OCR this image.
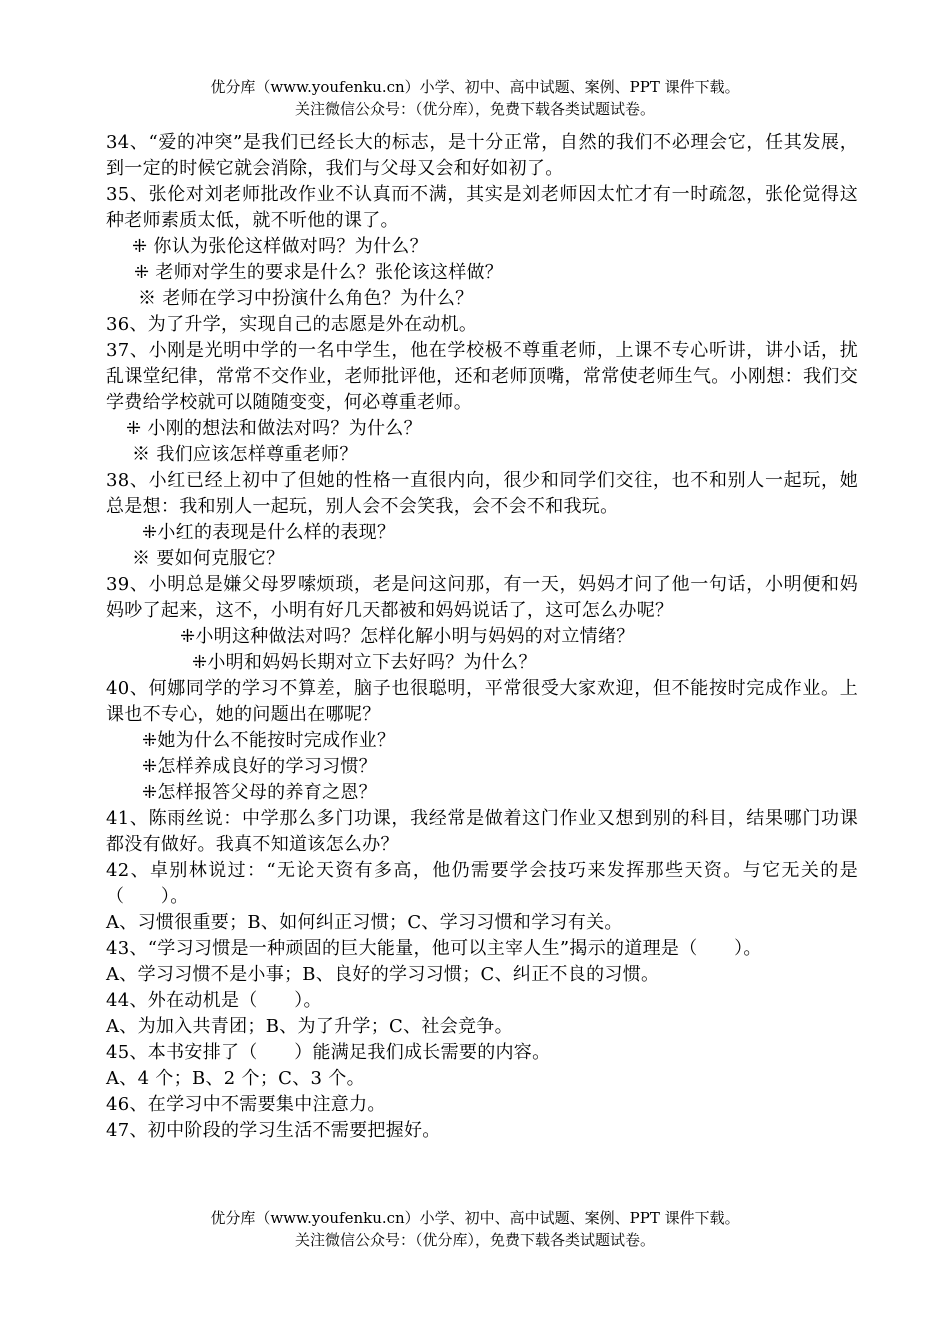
优分库（www.youfenku.cn）小学、初中、高中试题、案例、PPT 课件下载。
关注微信公众号：（优分库），免费下载各类试题试卷。

34、“爱的冲突”是我们已经长大的标志，是十分正常，自然的我们不必理会它，任其发展，到一定的时候它就会消除，我们与父母又会和好如初了。

35、张伦对刘老师批改作业不认真而不满，其实是刘老师因太忙才有一时疏忽，张伦觉得这种老师素质太低，就不听他的课了。

⁜ 你认为张伦这样做对吗？为什么？

⁜ 老师对学生的要求是什么？张伦该这样做？

※ 老师在学习中扮演什么角色？为什么？

36、为了升学，实现自己的志愿是外在动机。

37、小刚是光明中学的一名中学生，他在学校极不尊重老师，上课不专心听讲，讲小话，扰乱课堂纪律，常常不交作业，老师批评他，还和老师顶嘴，常常使老师生气。小刚想：我们交学费给学校就可以随随变变，何必尊重老师。

⁜ 小刚的想法和做法对吗？为什么？

※ 我们应该怎样尊重老师？

38、小红已经上初中了但她的性格一直很内向，很少和同学们交往，也不和别人一起玩，她总是想：我和别人一起玩，别人会不会笑我，会不会不和我玩。

⁜小红的表现是什么样的表现？

※ 要如何克服它？

39、小明总是嫌父母罗嗦烦琐，老是问这问那，有一天，妈妈才问了他一句话，小明便和妈妈吵了起来，这不，小明有好几天都被和妈妈说话了，这可怎么办呢？

⁜小明这种做法对吗？怎样化解小明与妈妈的对立情绪？

⁜小明和妈妈长期对立下去好吗？为什么？

40、何娜同学的学习不算差，脑子也很聪明，平常很受大家欢迎，但不能按时完成作业。上课也不专心，她的问题出在哪呢？

⁜她为什么不能按时完成作业？

⁜怎样养成良好的学习习惯？

⁜怎样报答父母的养育之恩？

41、陈雨丝说：中学那么多门功课，我经常是做着这门作业又想到别的科目，结果哪门功课都没有做好。我真不知道该怎么办？

42、卓别林说过：“无论天资有多高，他仍需要学会技巧来发挥那些天资。与它无关的是（　　）。

A、习惯很重要；B、如何纠正习惯；C、学习习惯和学习有关。

43、“学习习惯是一种顽固的巨大能量，他可以主宰人生”揭示的道理是（　　）。

A、学习习惯不是小事；B、良好的学习习惯；C、纠正不良的习惯。

44、外在动机是（　　）。

A、为加入共青团；B、为了升学；C、社会竞争。

45、本书安排了（　　）能满足我们成长需要的内容。

A、4 个；B、2 个；C、3 个。

46、在学习中不需要集中注意力。

47、初中阶段的学习生活不需要把握好。

优分库（www.youfenku.cn）小学、初中、高中试题、案例、PPT 课件下载。
关注微信公众号：（优分库），免费下载各类试题试卷。
